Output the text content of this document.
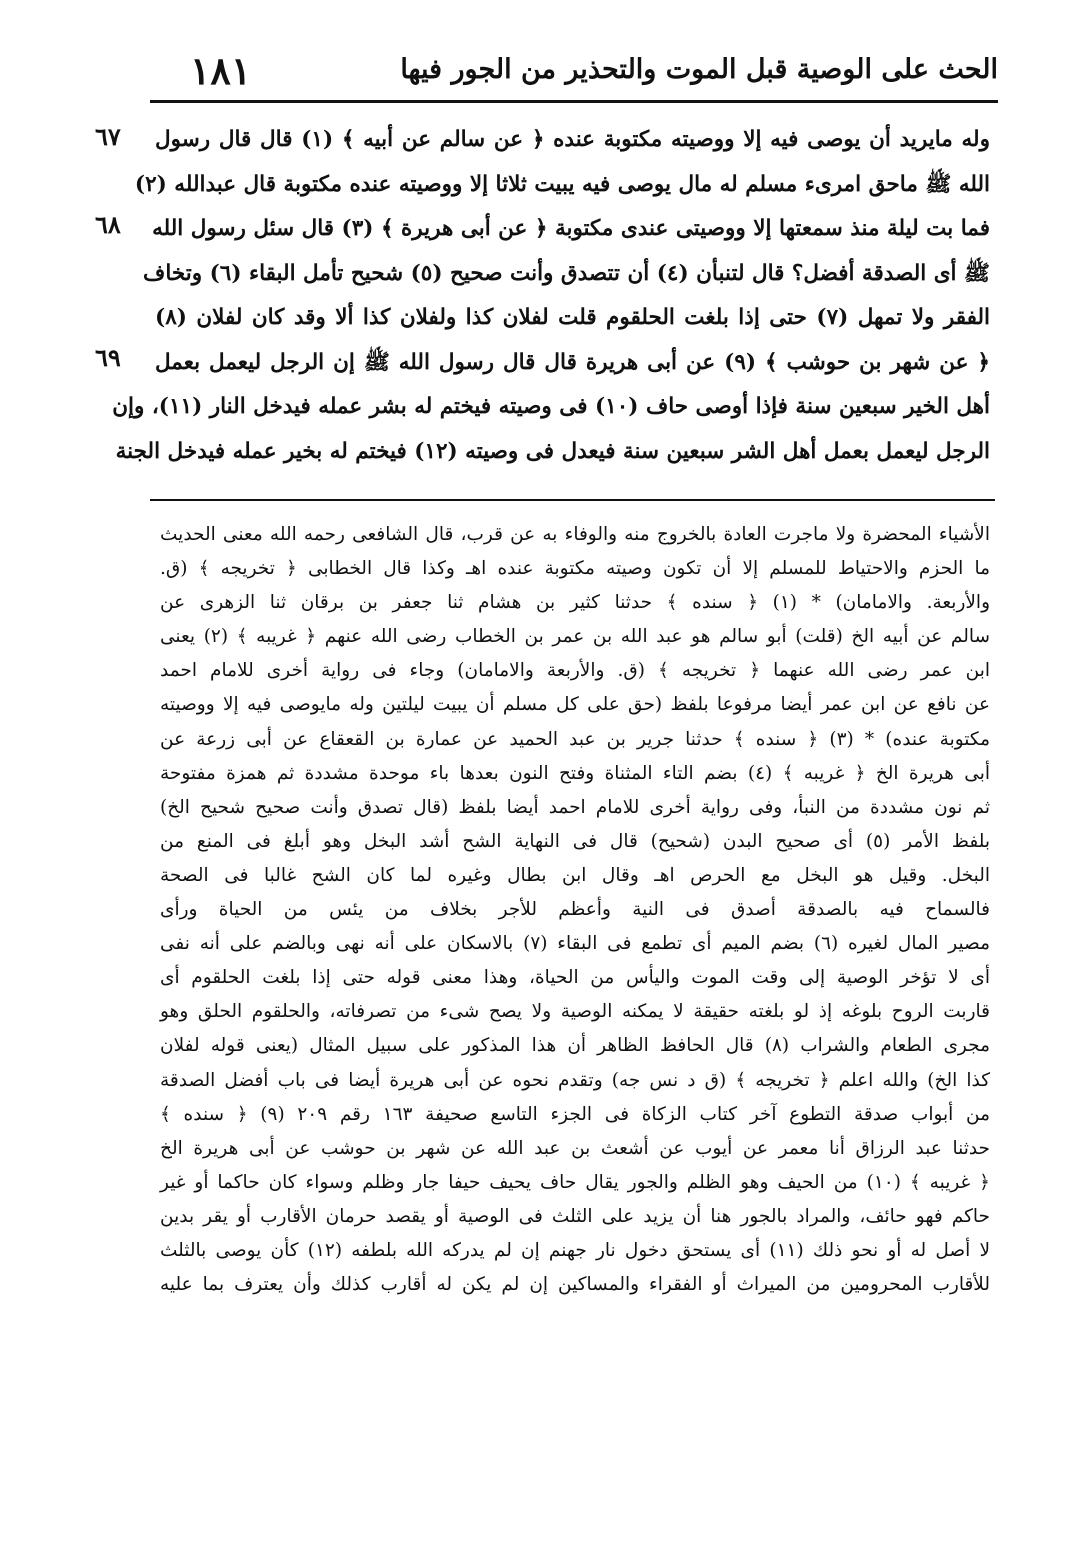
الحث على الوصية قبل الموت والتحذير من الجور فيها
١٨١
٦٧
٦٨
٦٩
وله مايريد أن يوصى فيه إلا ووصيته مكتوبة عنده ﴿ عن سالم عن أبيه ﴾ (١) قال قال رسول
الله ﷺ ماحق امرىء مسلم له مال يوصى فيه يبيت ثلاثا إلا ووصيته عنده مكتوبة قال عبدالله (٢)
فما بت ليلة منذ سمعتها إلا ووصيتى عندى مكتوبة ﴿ عن أبى هريرة ﴾ (٣) قال سئل رسول الله
ﷺ أى الصدقة أفضل؟ قال لتنبأن (٤) أن تتصدق وأنت صحيح (٥) شحيح تأمل البقاء (٦) وتخاف
الفقر ولا تمهل (٧) حتى إذا بلغت الحلقوم قلت لفلان كذا ولفلان كذا ألا وقد كان لفلان (٨)
﴿ عن شهر بن حوشب ﴾ (٩) عن أبى هريرة قال قال رسول الله ﷺ إن الرجل ليعمل بعمل
أهل الخير سبعين سنة فإذا أوصى حاف (١٠) فى وصيته فيختم له بشر عمله فيدخل النار (١١)، وإن
الرجل ليعمل بعمل أهل الشر سبعين سنة فيعدل فى وصيته (١٢) فيختم له بخير عمله فيدخل الجنة
الأشياء المحضرة ولا ماجرت العادة بالخروج منه والوفاء به عن قرب، قال الشافعى رحمه الله معنى الحديث
ما الحزم والاحتياط للمسلم إلا أن تكون وصيته مكتوبة عنده اهـ وكذا قال الخطابى ﴿ تخريجه ﴾ (ق.
والأربعة. والامامان) * (١) ﴿ سنده ﴾ حدثنا كثير بن هشام ثنا جعفر بن برقان ثنا الزهرى عن
سالم عن أبيه الخ (قلت) أبو سالم هو عبد الله بن عمر بن الخطاب رضى الله عنهم ﴿ غريبه ﴾ (٢) يعنى
ابن عمر رضى الله عنهما ﴿ تخريجه ﴾ (ق. والأربعة والامامان) وجاء فى رواية أخرى للامام احمد
عن نافع عن ابن عمر أيضا مرفوعا بلفظ (حق على كل مسلم أن يبيت ليلتين وله مايوصى فيه إلا ووصيته
مكتوبة عنده) * (٣) ﴿ سنده ﴾ حدثنا جرير بن عبد الحميد عن عمارة بن القعقاع عن أبى زرعة عن
أبى هريرة الخ ﴿ غريبه ﴾ (٤) بضم التاء المثناة وفتح النون بعدها باء موحدة مشددة ثم همزة مفتوحة
ثم نون مشددة من النبأ، وفى رواية أخرى للامام احمد أيضا بلفظ (قال تصدق وأنت صحيح شحيح الخ)
بلفظ الأمر (٥) أى صحيح البدن (شحيح) قال فى النهاية الشح أشد البخل وهو أبلغ فى المنع من
البخل. وقيل هو البخل مع الحرص اهـ وقال ابن بطال وغيره لما كان الشح غالبا فى الصحة
فالسماح فيه بالصدقة أصدق فى النية وأعظم للأجر بخلاف من يئس من الحياة ورأى
مصير المال لغيره (٦) بضم الميم أى تطمع فى البقاء (٧) بالاسكان على أنه نهى وبالضم على أنه نفى
أى لا تؤخر الوصية إلى وقت الموت واليأس من الحياة، وهذا معنى قوله حتى إذا بلغت الحلقوم أى
قاربت الروح بلوغه إذ لو بلغته حقيقة لا يمكنه الوصية ولا يصح شىء من تصرفاته، والحلقوم الحلق وهو
مجرى الطعام والشراب (٨) قال الحافظ الظاهر أن هذا المذكور على سبيل المثال (يعنى قوله لفلان
كذا الخ) والله اعلم ﴿ تخريجه ﴾ (ق د نس جه) وتقدم نحوه عن أبى هريرة أيضا فى باب أفضل الصدقة
من أبواب صدقة التطوع آخر كتاب الزكاة فى الجزء التاسع صحيفة ١٦٣ رقم ٢٠٩ (٩) ﴿ سنده ﴾
حدثنا عبد الرزاق أنا معمر عن أيوب عن أشعث بن عبد الله عن شهر بن حوشب عن أبى هريرة الخ
﴿ غريبه ﴾ (١٠) من الحيف وهو الظلم والجور يقال حاف يحيف حيفا جار وظلم وسواء كان حاكما أو غير
حاكم فهو حائف، والمراد بالجور هنا أن يزيد على الثلث فى الوصية أو يقصد حرمان الأقارب أو يقر بدين
لا أصل له أو نحو ذلك (١١) أى يستحق دخول نار جهنم إن لم يدركه الله بلطفه (١٢) كأن يوصى بالثلث
للأقارب المحرومين من الميراث أو الفقراء والمساكين إن لم يكن له أقارب كذلك وأن يعترف بما عليه
